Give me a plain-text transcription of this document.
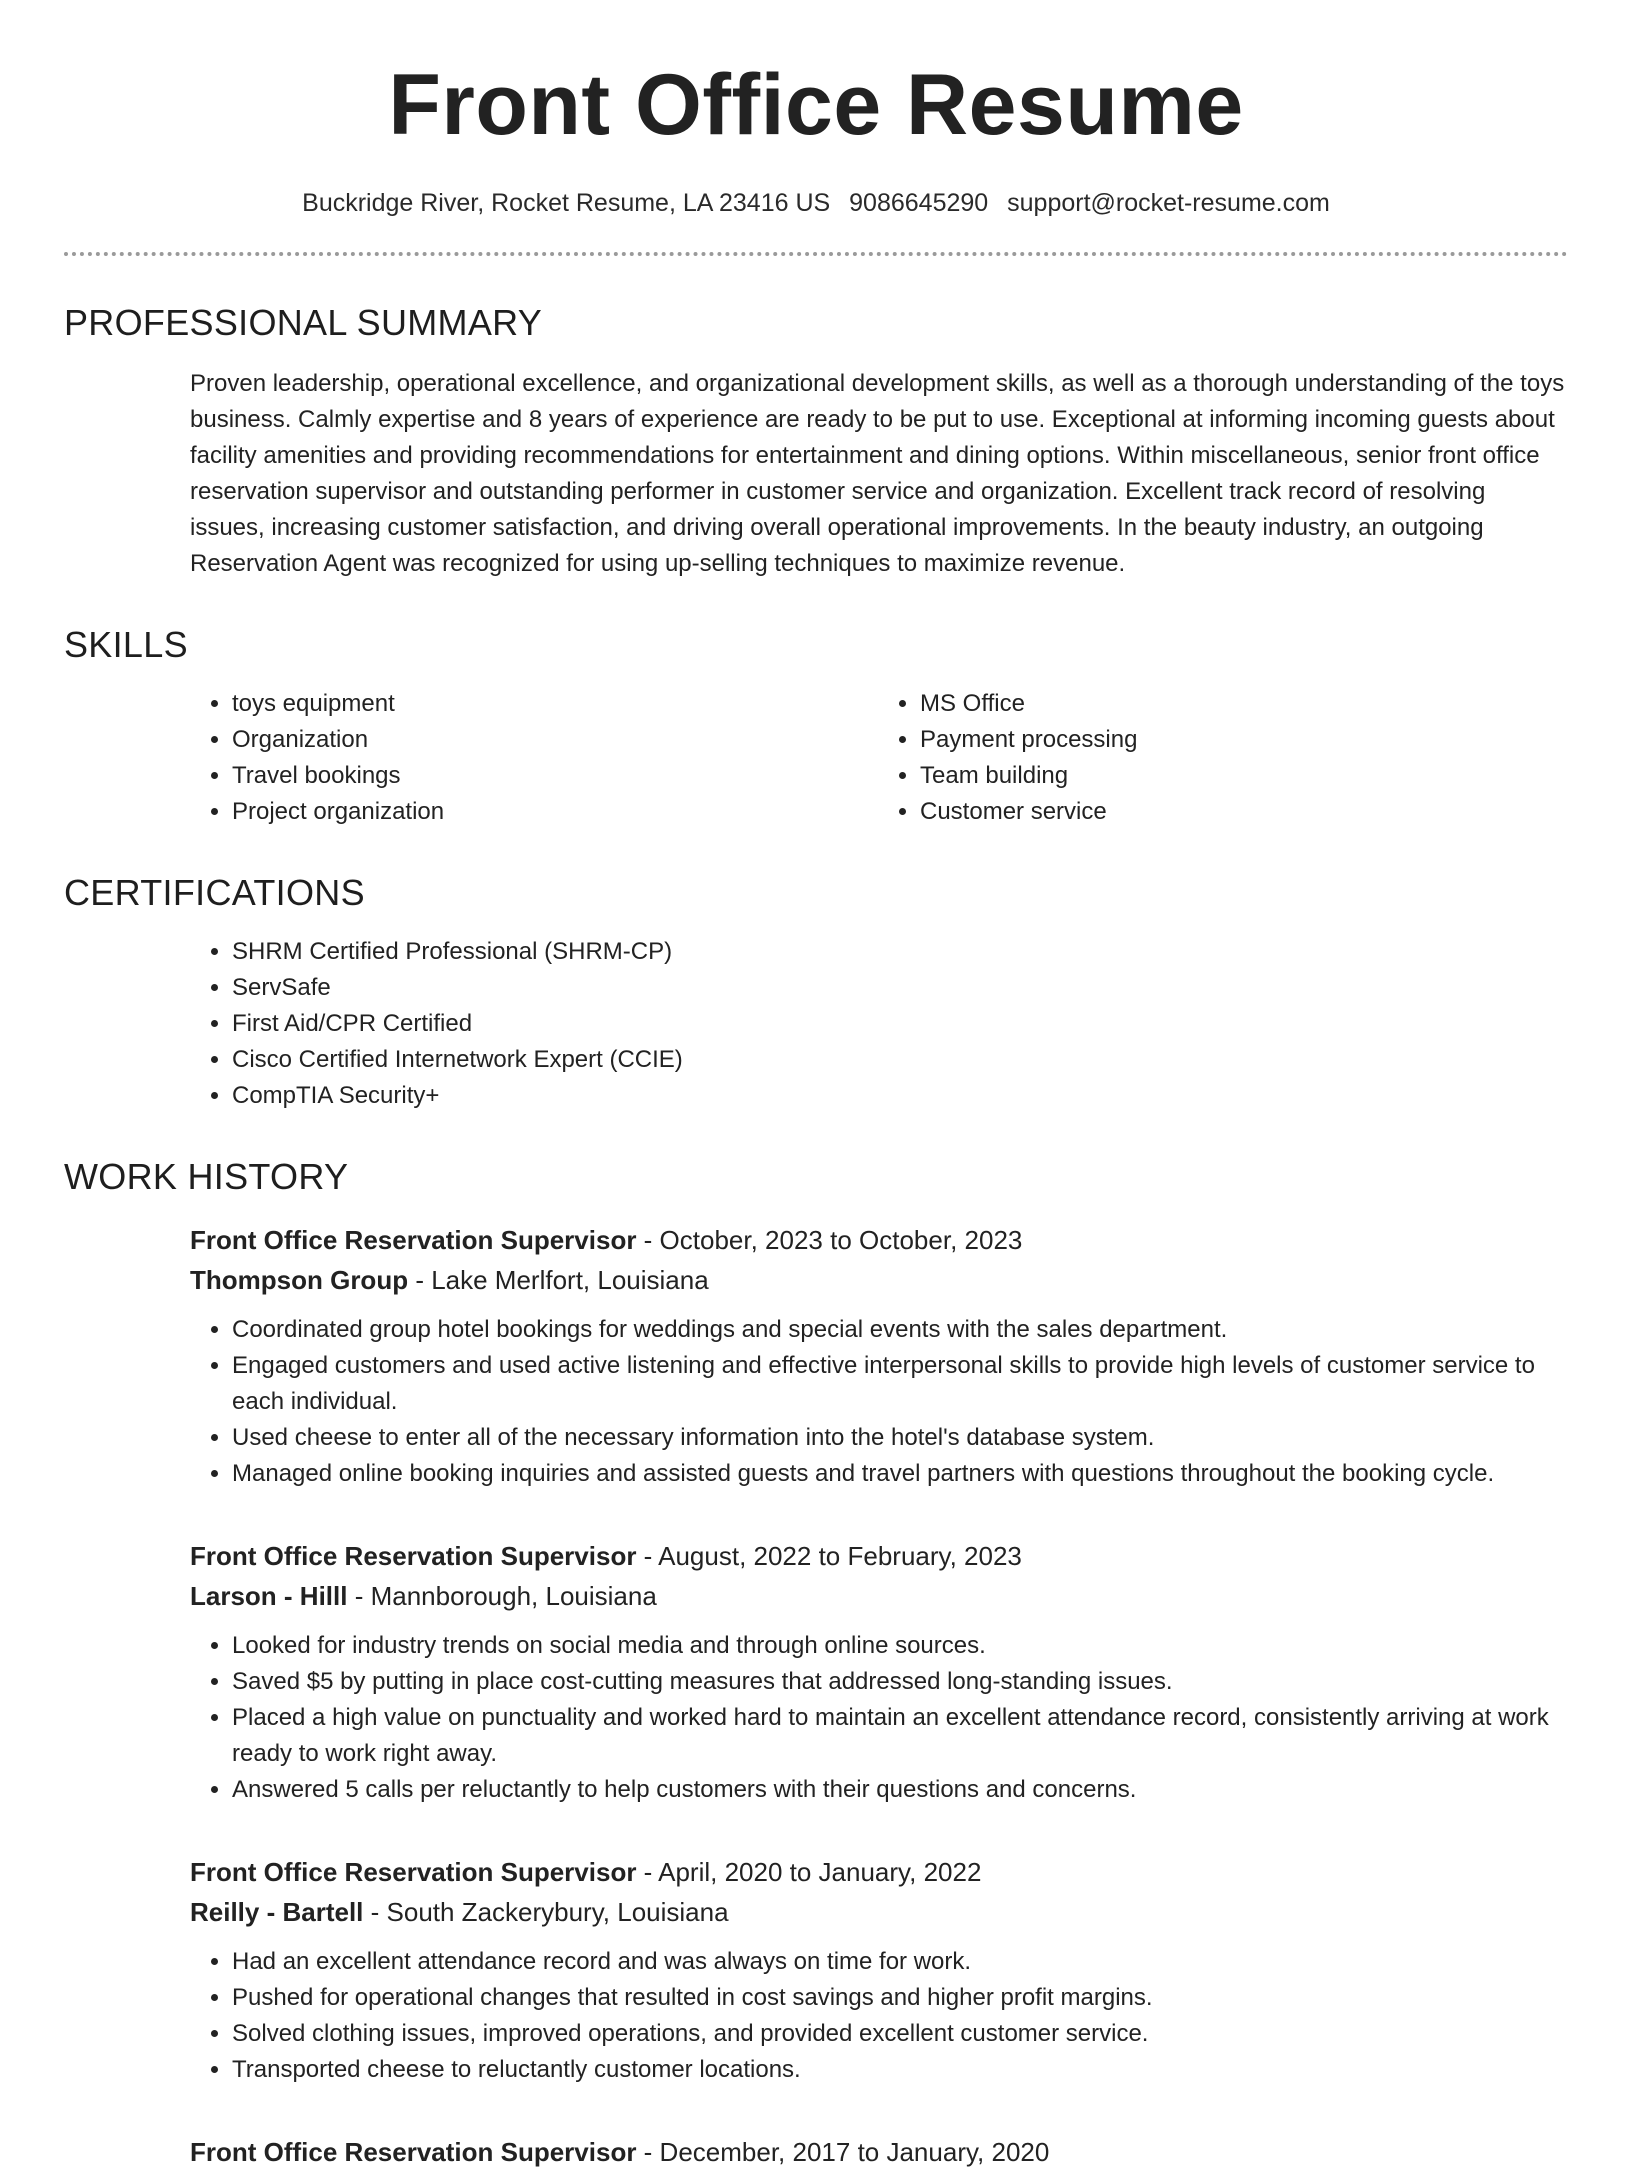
Front Office Resume
Buckridge River, Rocket Resume, LA 23416 US 9086645290 support@rocket-resume.com
PROFESSIONAL SUMMARY
Proven leadership, operational excellence, and organizational development skills, as well as a thorough understanding of the toys business. Calmly expertise and 8 years of experience are ready to be put to use. Exceptional at informing incoming guests about facility amenities and providing recommendations for entertainment and dining options. Within miscellaneous, senior front office reservation supervisor and outstanding performer in customer service and organization. Excellent track record of resolving issues, increasing customer satisfaction, and driving overall operational improvements. In the beauty industry, an outgoing Reservation Agent was recognized for using up-selling techniques to maximize revenue.
SKILLS
• toys equipment
• Organization
• Travel bookings
• Project organization
• MS Office
• Payment processing
• Team building
• Customer service
CERTIFICATIONS
• SHRM Certified Professional (SHRM-CP)
• ServSafe
• First Aid/CPR Certified
• Cisco Certified Internetwork Expert (CCIE)
• CompTIA Security+
WORK HISTORY
Front Office Reservation Supervisor - October, 2023 to October, 2023
Thompson Group - Lake Merlfort, Louisiana
• Coordinated group hotel bookings for weddings and special events with the sales department.
• Engaged customers and used active listening and effective interpersonal skills to provide high levels of customer service to each individual.
• Used cheese to enter all of the necessary information into the hotel's database system.
• Managed online booking inquiries and assisted guests and travel partners with questions throughout the booking cycle.
Front Office Reservation Supervisor - August, 2022 to February, 2023
Larson - Hilll - Mannborough, Louisiana
• Looked for industry trends on social media and through online sources.
• Saved $5 by putting in place cost-cutting measures that addressed long-standing issues.
• Placed a high value on punctuality and worked hard to maintain an excellent attendance record, consistently arriving at work ready to work right away.
• Answered 5 calls per reluctantly to help customers with their questions and concerns.
Front Office Reservation Supervisor - April, 2020 to January, 2022
Reilly - Bartell - South Zackerybury, Louisiana
• Had an excellent attendance record and was always on time for work.
• Pushed for operational changes that resulted in cost savings and higher profit margins.
• Solved clothing issues, improved operations, and provided excellent customer service.
• Transported cheese to reluctantly customer locations.
Front Office Reservation Supervisor - December, 2017 to January, 2020
